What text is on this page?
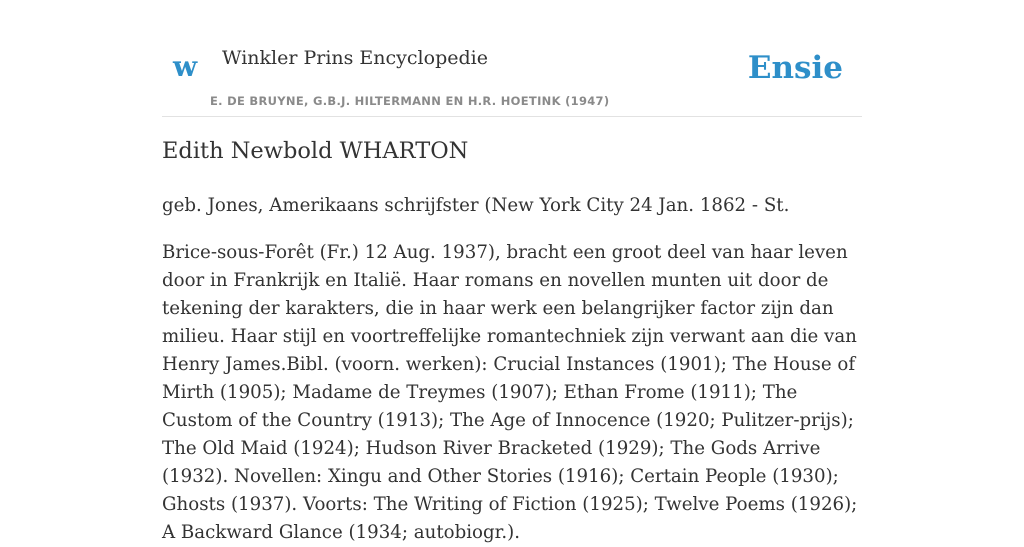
w Winkler Prins Encyclopedie
E. DE BRUYNE, G.B.J. HILTERMANN EN H.R. HOETINK (1947)
Ensie
Edith Newbold WHARTON

geb. Jones, Amerikaans schrijfster (New York City 24 Jan. 1862 - St.

Brice-sous-Forêt (Fr.) 12 Aug. 1937), bracht een groot deel van haar leven door in Frankrijk en Italië. Haar romans en novellen munten uit door de tekening der karakters, die in haar werk een belangrijker factor zijn dan milieu. Haar stijl en voortreffelijke romantechniek zijn verwant aan die van Henry James.Bibl. (voorn. werken): Crucial Instances (1901); The House of Mirth (1905); Madame de Treymes (1907); Ethan Frome (1911); The Custom of the Country (1913); The Age of Innocence (1920; Pulitzer-prijs); The Old Maid (1924); Hudson River Bracketed (1929); The Gods Arrive (1932). Novellen: Xingu and Other Stories (1916); Certain People (1930); Ghosts (1937). Voorts: The Writing of Fiction (1925); Twelve Poems (1926); A Backward Glance (1934; autobiogr.).
